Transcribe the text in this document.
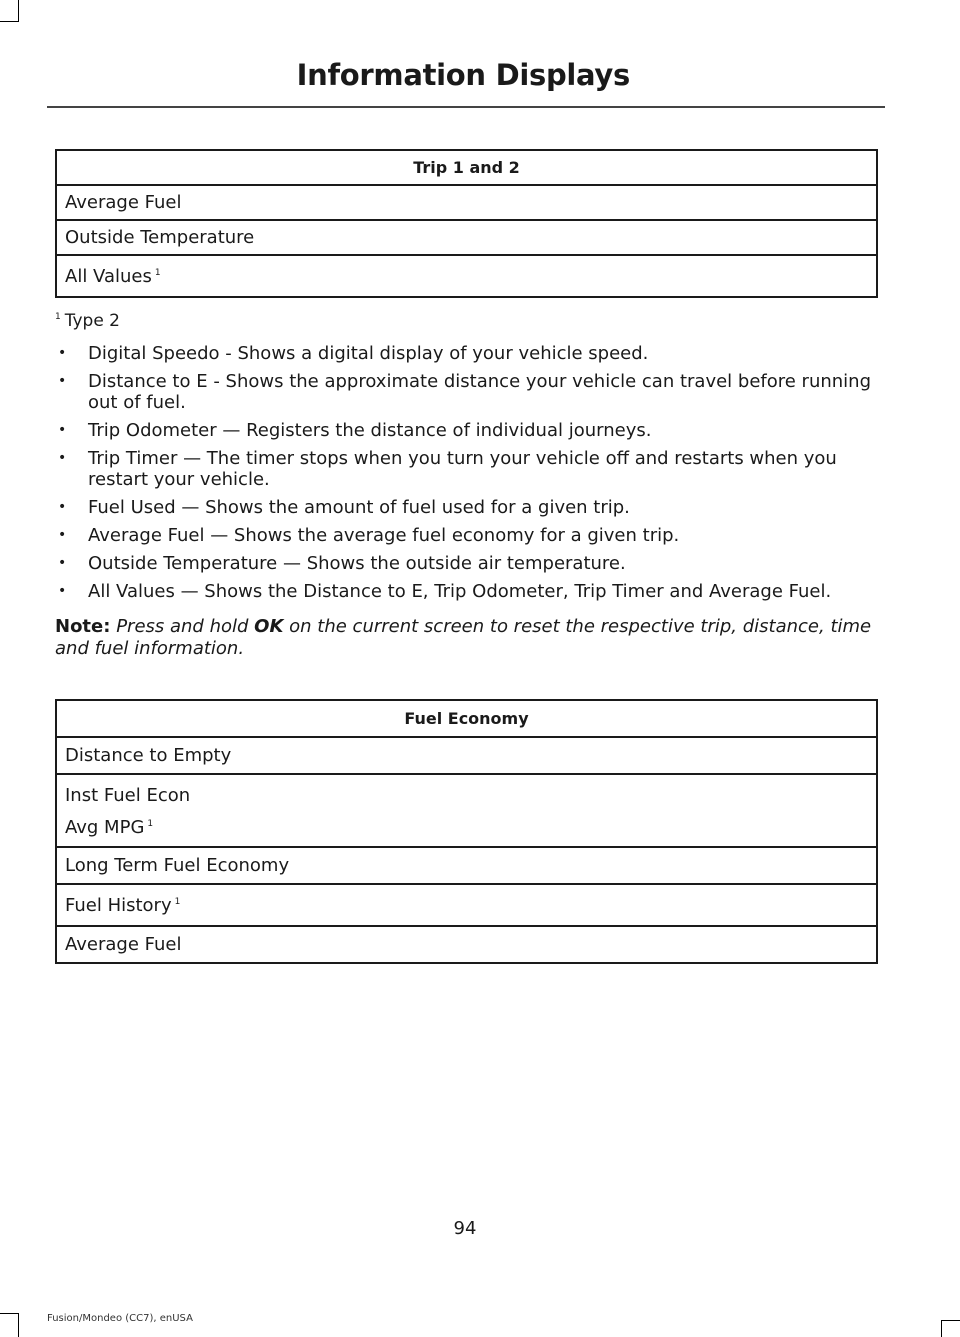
Information Displays
Trip 1 and 2
Average Fuel
Outside Temperature
All Values $^1$
$^1$ Type 2
• Digital Speedo - Shows a digital display of your vehicle speed.
• Distance to E - Shows the approximate distance your vehicle can travel before running out of fuel.
• Trip Odometer — Registers the distance of individual journeys.
• Trip Timer — The timer stops when you turn your vehicle off and restarts when you restart your vehicle.
• Fuel Used — Shows the amount of fuel used for a given trip.
• Average Fuel — Shows the average fuel economy for a given trip.
• Outside Temperature — Shows the outside air temperature.
• All Values — Shows the Distance to E, Trip Odometer, Trip Timer and Average Fuel.
Note: Press and hold OK on the current screen to reset the respective trip, distance, time and fuel information.
Fuel Economy
Distance to Empty

Inst Fuel Econ
Avg MPG $^1$

Long Term Fuel Economy
Fuel History $^1$
Average Fuel
94
Fusion/Mondeo (CC7), enUSA
